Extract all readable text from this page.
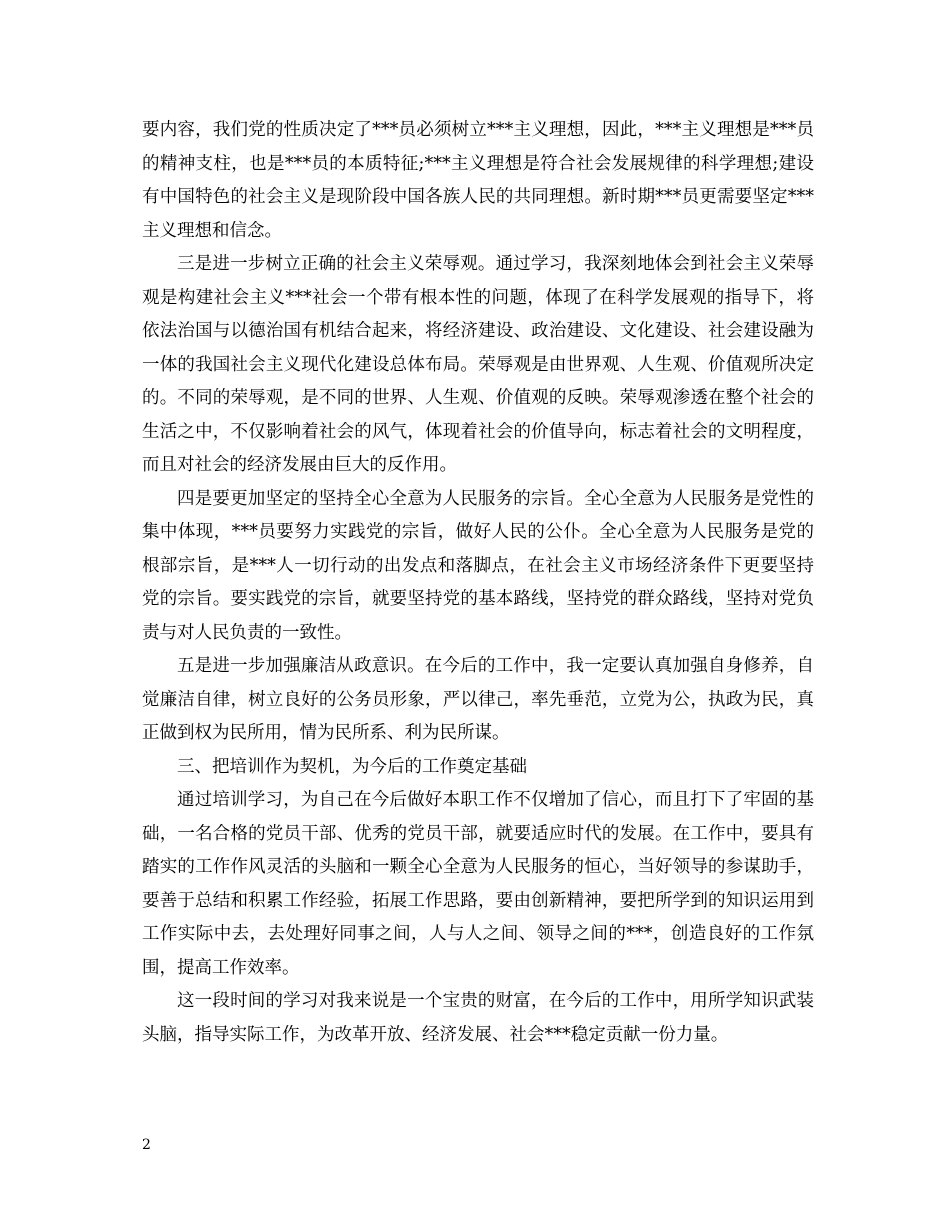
要内容，我们党的性质决定了***员必须树立***主义理想，因此，***主义理想是***员的精神支柱，也是***员的本质特征;***主义理想是符合社会发展规律的科学理想;建设有中国特色的社会主义是现阶段中国各族人民的共同理想。新时期***员更需要坚定***主义理想和信念。

三是进一步树立正确的社会主义荣辱观。通过学习，我深刻地体会到社会主义荣辱观是构建社会主义***社会一个带有根本性的问题，体现了在科学发展观的指导下，将依法治国与以德治国有机结合起来，将经济建设、政治建设、文化建设、社会建设融为一体的我国社会主义现代化建设总体布局。荣辱观是由世界观、人生观、价值观所决定的。不同的荣辱观，是不同的世界、人生观、价值观的反映。荣辱观渗透在整个社会的生活之中，不仅影响着社会的风气，体现着社会的价值导向，标志着社会的文明程度，而且对社会的经济发展由巨大的反作用。

四是要更加坚定的坚持全心全意为人民服务的宗旨。全心全意为人民服务是党性的集中体现，***员要努力实践党的宗旨，做好人民的公仆。全心全意为人民服务是党的根部宗旨，是***人一切行动的出发点和落脚点，在社会主义市场经济条件下更要坚持党的宗旨。要实践党的宗旨，就要坚持党的基本路线，坚持党的群众路线，坚持对党负责与对人民负责的一致性。

五是进一步加强廉洁从政意识。在今后的工作中，我一定要认真加强自身修养，自觉廉洁自律，树立良好的公务员形象，严以律己，率先垂范，立党为公，执政为民，真正做到权为民所用，情为民所系、利为民所谋。

三、把培训作为契机，为今后的工作奠定基础

通过培训学习，为自己在今后做好本职工作不仅增加了信心，而且打下了牢固的基础，一名合格的党员干部、优秀的党员干部，就要适应时代的发展。在工作中，要具有踏实的工作作风灵活的头脑和一颗全心全意为人民服务的恒心，当好领导的参谋助手，要善于总结和积累工作经验，拓展工作思路，要由创新精神，要把所学到的知识运用到工作实际中去，去处理好同事之间，人与人之间、领导之间的***，创造良好的工作氛围，提高工作效率。

这一段时间的学习对我来说是一个宝贵的财富，在今后的工作中，用所学知识武装头脑，指导实际工作，为改革开放、经济发展、社会***稳定贡献一份力量。

2
